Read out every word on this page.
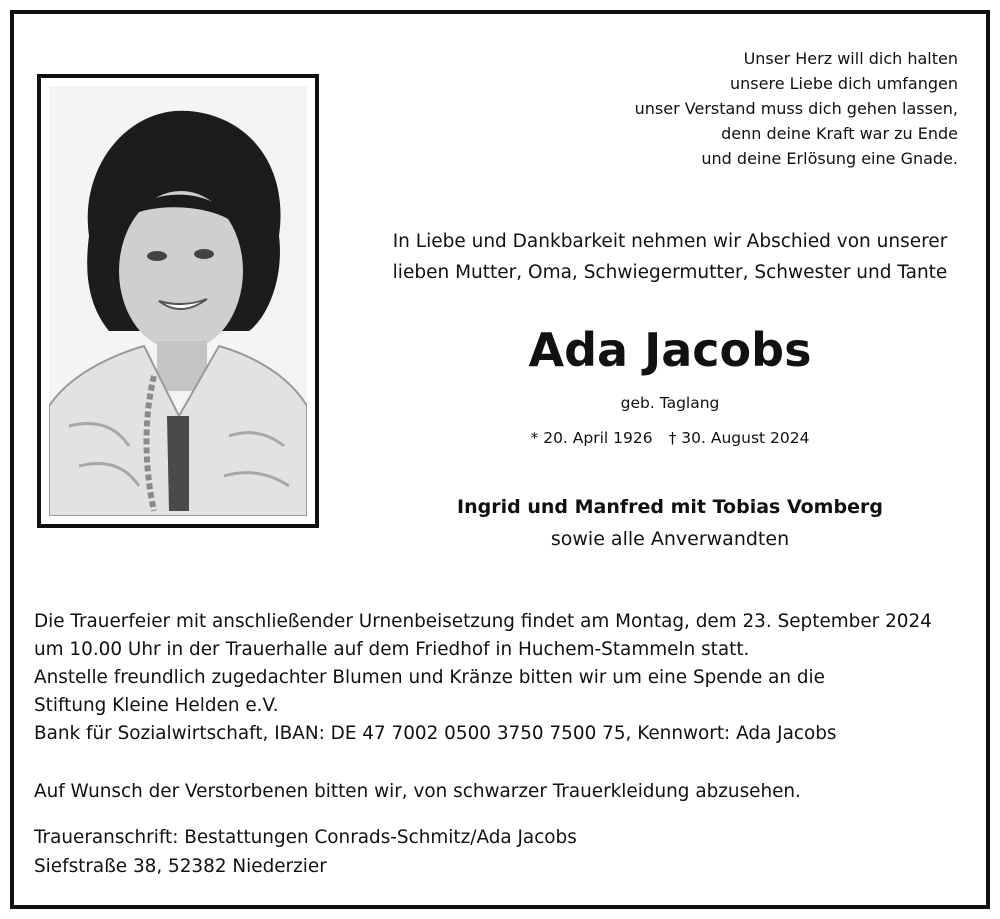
Unser Herz will dich halten
unsere Liebe dich umfangen
unser Verstand muss dich gehen lassen,
denn deine Kraft war zu Ende
und deine Erlösung eine Gnade.
In Liebe und Dankbarkeit nehmen wir Abschied von unserer
lieben Mutter, Oma, Schwiegermutter, Schwester und Tante
Ada Jacobs
geb. Taglang
* 20. April 1926 † 30. August 2024
Ingrid und Manfred mit Tobias Vomberg
sowie alle Anverwandten
Die Trauerfeier mit anschließender Urnenbeisetzung findet am Montag, dem 23. September 2024
um 10.00 Uhr in der Trauerhalle auf dem Friedhof in Huchem-Stammeln statt.
Anstelle freundlich zugedachter Blumen und Kränze bitten wir um eine Spende an die
Stiftung Kleine Helden e.V.
Bank für Sozialwirtschaft, IBAN: DE 47 7002 0500 3750 7500 75, Kennwort: Ada Jacobs
Auf Wunsch der Verstorbenen bitten wir, von schwarzer Trauerkleidung abzusehen.
Traueranschrift: Bestattungen Conrads-Schmitz/Ada Jacobs
Siefstraße 38, 52382 Niederzier
